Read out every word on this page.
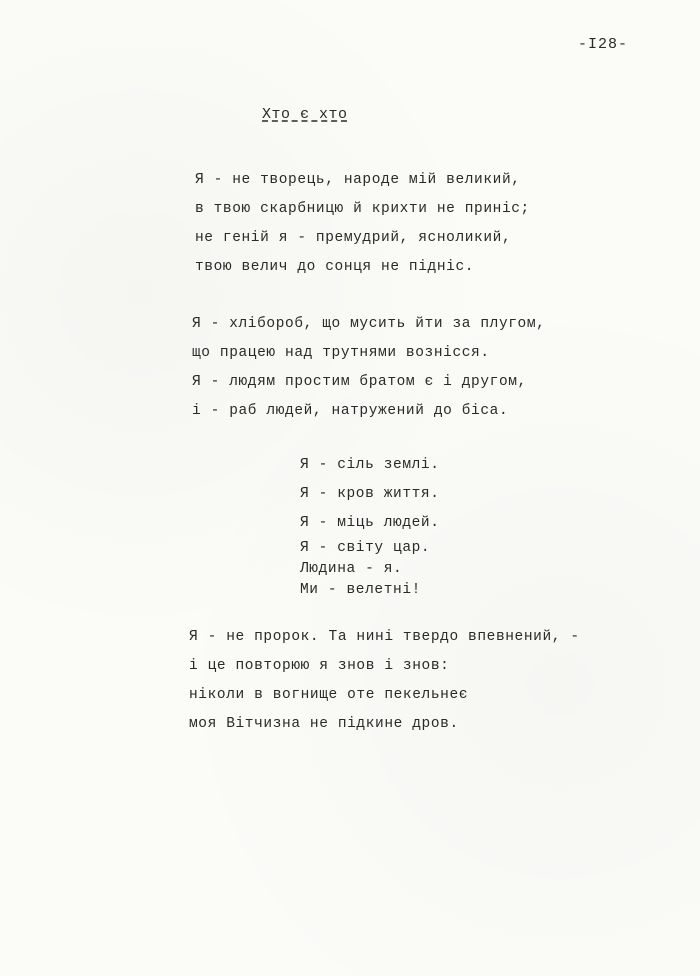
-I28-
Хто є хто
Я - не творець, народе мій великий,
в твою скарбницю й крихти не приніс;
не геній я - премудрий, ясноликий,
твою велич до сонця не підніс.
Я - хлібороб, що мусить йти за плугом,
що працею над трутнями вознісся.
Я - людям простим братом є і другом,
і - раб людей, натружений до біса.
Я - сіль землі.
Я - кров життя.
Я - міць людей.
Я - світу цар.
Людина - я.
Ми - велетні!
Я - не пророк. Та нині твердо впевнений, -
і це повторюю я знов і знов:
ніколи в вогнище оте пекельнеє
моя Вітчизна не підкине дров.
